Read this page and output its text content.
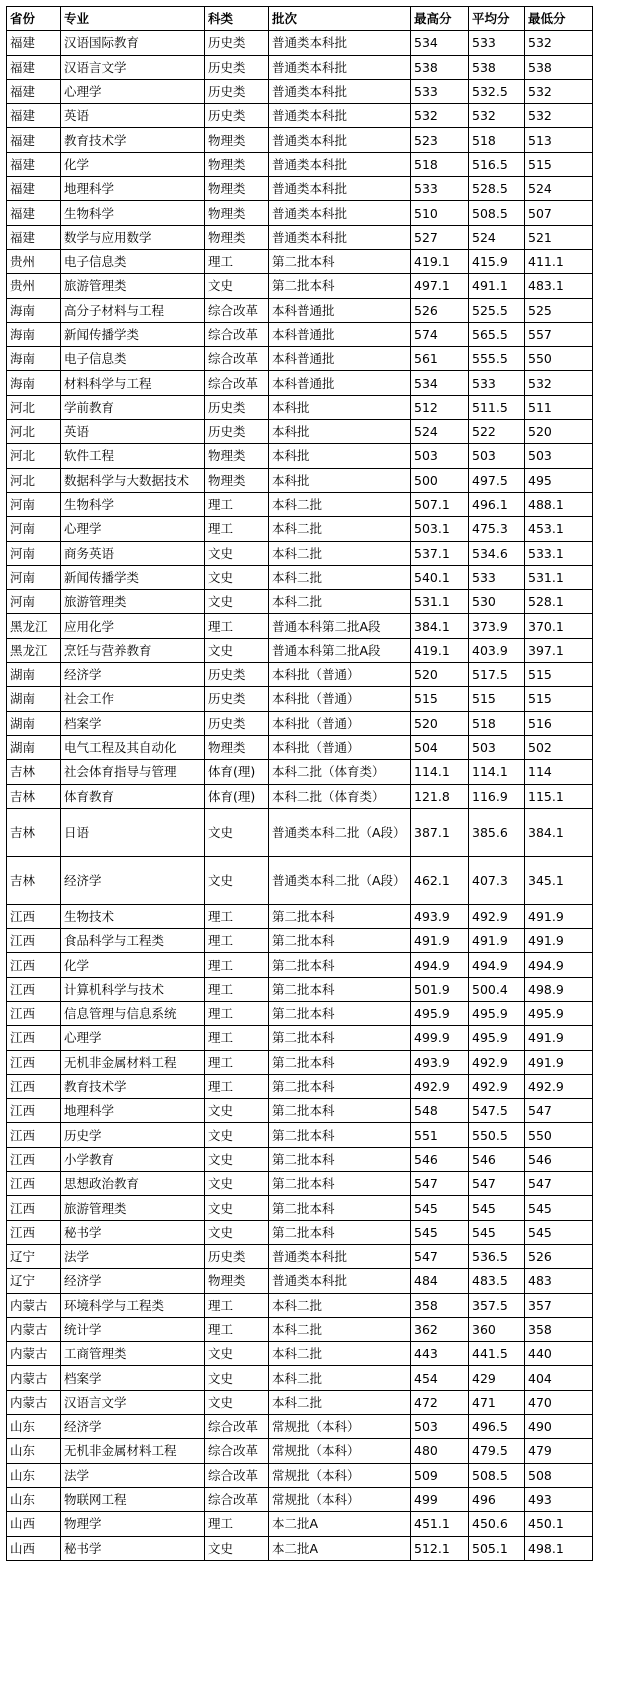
省份	专业	科类	批次	最高分	平均分	最低分
福建	汉语国际教育	历史类	普通类本科批	534	533	532
福建	汉语言文学	历史类	普通类本科批	538	538	538
福建	心理学	历史类	普通类本科批	533	532.5	532
福建	英语	历史类	普通类本科批	532	532	532
福建	教育技术学	物理类	普通类本科批	523	518	513
福建	化学	物理类	普通类本科批	518	516.5	515
福建	地理科学	物理类	普通类本科批	533	528.5	524
福建	生物科学	物理类	普通类本科批	510	508.5	507
福建	数学与应用数学	物理类	普通类本科批	527	524	521
贵州	电子信息类	理工	第二批本科	419.1	415.9	411.1
贵州	旅游管理类	文史	第二批本科	497.1	491.1	483.1
海南	高分子材料与工程	综合改革	本科普通批	526	525.5	525
海南	新闻传播学类	综合改革	本科普通批	574	565.5	557
海南	电子信息类	综合改革	本科普通批	561	555.5	550
海南	材料科学与工程	综合改革	本科普通批	534	533	532
河北	学前教育	历史类	本科批	512	511.5	511
河北	英语	历史类	本科批	524	522	520
河北	软件工程	物理类	本科批	503	503	503
河北	数据科学与大数据技术	物理类	本科批	500	497.5	495
河南	生物科学	理工	本科二批	507.1	496.1	488.1
河南	心理学	理工	本科二批	503.1	475.3	453.1
河南	商务英语	文史	本科二批	537.1	534.6	533.1
河南	新闻传播学类	文史	本科二批	540.1	533	531.1
河南	旅游管理类	文史	本科二批	531.1	530	528.1
黑龙江	应用化学	理工	普通本科第二批A段	384.1	373.9	370.1
黑龙江	烹饪与营养教育	文史	普通本科第二批A段	419.1	403.9	397.1
湖南	经济学	历史类	本科批（普通）	520	517.5	515
湖南	社会工作	历史类	本科批（普通）	515	515	515
湖南	档案学	历史类	本科批（普通）	520	518	516
湖南	电气工程及其自动化	物理类	本科批（普通）	504	503	502
吉林	社会体育指导与管理	体育(理)	本科二批（体育类）	114.1	114.1	114
吉林	体育教育	体育(理)	本科二批（体育类）	121.8	116.9	115.1
吉林	日语	文史	普通类本科二批（A段）	387.1	385.6	384.1
吉林	经济学	文史	普通类本科二批（A段）	462.1	407.3	345.1
江西	生物技术	理工	第二批本科	493.9	492.9	491.9
江西	食品科学与工程类	理工	第二批本科	491.9	491.9	491.9
江西	化学	理工	第二批本科	494.9	494.9	494.9
江西	计算机科学与技术	理工	第二批本科	501.9	500.4	498.9
江西	信息管理与信息系统	理工	第二批本科	495.9	495.9	495.9
江西	心理学	理工	第二批本科	499.9	495.9	491.9
江西	无机非金属材料工程	理工	第二批本科	493.9	492.9	491.9
江西	教育技术学	理工	第二批本科	492.9	492.9	492.9
江西	地理科学	文史	第二批本科	548	547.5	547
江西	历史学	文史	第二批本科	551	550.5	550
江西	小学教育	文史	第二批本科	546	546	546
江西	思想政治教育	文史	第二批本科	547	547	547
江西	旅游管理类	文史	第二批本科	545	545	545
江西	秘书学	文史	第二批本科	545	545	545
辽宁	法学	历史类	普通类本科批	547	536.5	526
辽宁	经济学	物理类	普通类本科批	484	483.5	483
内蒙古	环境科学与工程类	理工	本科二批	358	357.5	357
内蒙古	统计学	理工	本科二批	362	360	358
内蒙古	工商管理类	文史	本科二批	443	441.5	440
内蒙古	档案学	文史	本科二批	454	429	404
内蒙古	汉语言文学	文史	本科二批	472	471	470
山东	经济学	综合改革	常规批（本科）	503	496.5	490
山东	无机非金属材料工程	综合改革	常规批（本科）	480	479.5	479
山东	法学	综合改革	常规批（本科）	509	508.5	508
山东	物联网工程	综合改革	常规批（本科）	499	496	493
山西	物理学	理工	本二批A	451.1	450.6	450.1
山西	秘书学	文史	本二批A	512.1	505.1	498.1
